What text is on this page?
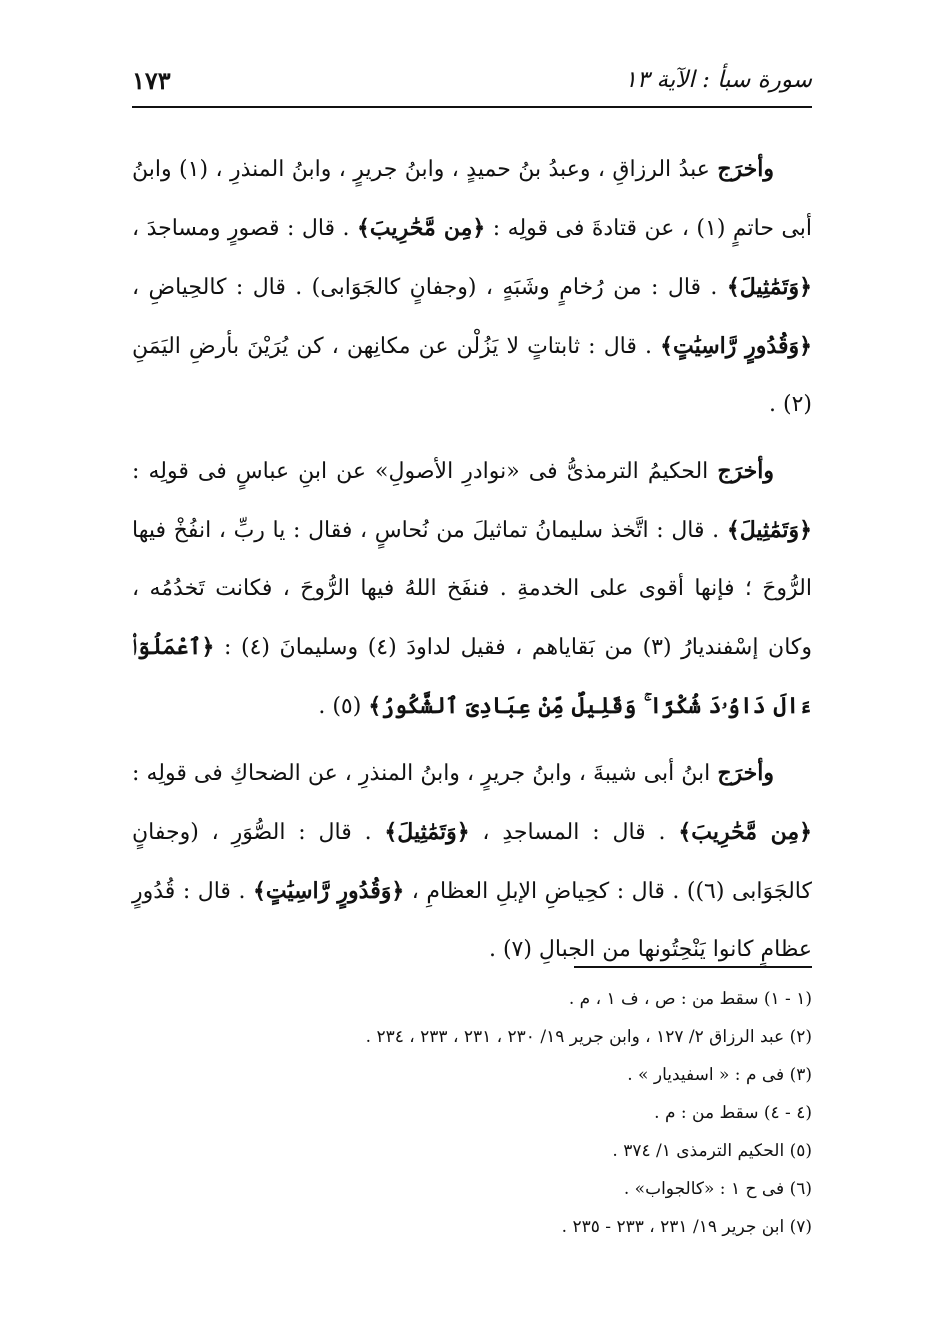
سورة سبأ : الآية ١٣
١٧٣

وأخرَج عبدُ الرزاقِ ، وعبدُ بنُ حميدٍ ، وابنُ جريرٍ ، وابنُ المنذرِ ، (١) وابنُ أبى حاتمٍ (١) ، عن قتادةَ فى قولِه : ﴿مِن مَّحَٰرِيبَ﴾ . قال : قصورٍ ومساجدَ ، ﴿وَتَمَٰثِيلَ﴾ . قال : من رُخامٍ وشَبَهٍ ، (وجفانٍ كالجَوَابى) . قال : كالحِياضِ ، ﴿وَقُدُورٍ رَّاسِيَٰتٍ﴾ . قال : ثابتاتٍ لا يَزُلْن عن مكانِهن ، كن يُرَيْنَ بأرضِ اليَمَنِ (٢) .

وأخرَج الحكيمُ الترمذىُّ فى «نوادرِ الأصولِ» عن ابنِ عباسٍ فى قولِه : ﴿وَتَمَٰثِيلَ﴾ . قال : اتَّخذ سليمانُ تماثيلَ من نُحاسٍ ، فقال : يا ربِّ ، انفُخْ فيها الرُّوحَ ؛ فإنها أقوى على الخدمةِ . فنفَخ اللهُ فيها الرُّوحَ ، فكانت تَخدُمُه ، وكان إسْفنديارُ (٣) من بَقاياهم ، فقيل لداودَ (٤) وسليمانَ (٤) : ﴿ٱعْمَلُوٓا۟ ءَالَ دَاوُۥدَ شُكْرًا ۚ وَقَلِيلٌ مِّنْ عِبَادِىَ ٱلشَّكُورُ﴾ (٥) .

وأخرَج ابنُ أبى شيبةَ ، وابنُ جريرٍ ، وابنُ المنذرِ ، عن الضحاكِ فى قولِه : ﴿مِن مَّحَٰرِيبَ﴾ . قال : المساجدِ ، ﴿وَتَمَٰثِيلَ﴾ . قال : الصُّوَرِ ، (وجفانٍ كالجَوَابى (٦)) . قال : كحِياضِ الإبلِ العظامِ ، ﴿وَقُدُورٍ رَّاسِيَٰتٍ﴾ . قال : قُدُورٍ عظامٍ كانوا يَنْحِتُونها من الجبالِ (٧) .

(١ - ١) سقط من : ص ، ف ١ ، م .

(٢) عبد الرزاق ٢/ ١٢٧ ، وابن جرير ١٩/ ٢٣٠ ، ٢٣١ ، ٢٣٣ ، ٢٣٤ .

(٣) فى م : « اسفيديار » .

(٤ - ٤) سقط من : م .

(٥) الحكيم الترمذى ١/ ٣٧٤ .

(٦) فى ح ١ : «كالجواب» .

(٧) ابن جرير ١٩/ ٢٣١ ، ٢٣٣ - ٢٣٥ .
